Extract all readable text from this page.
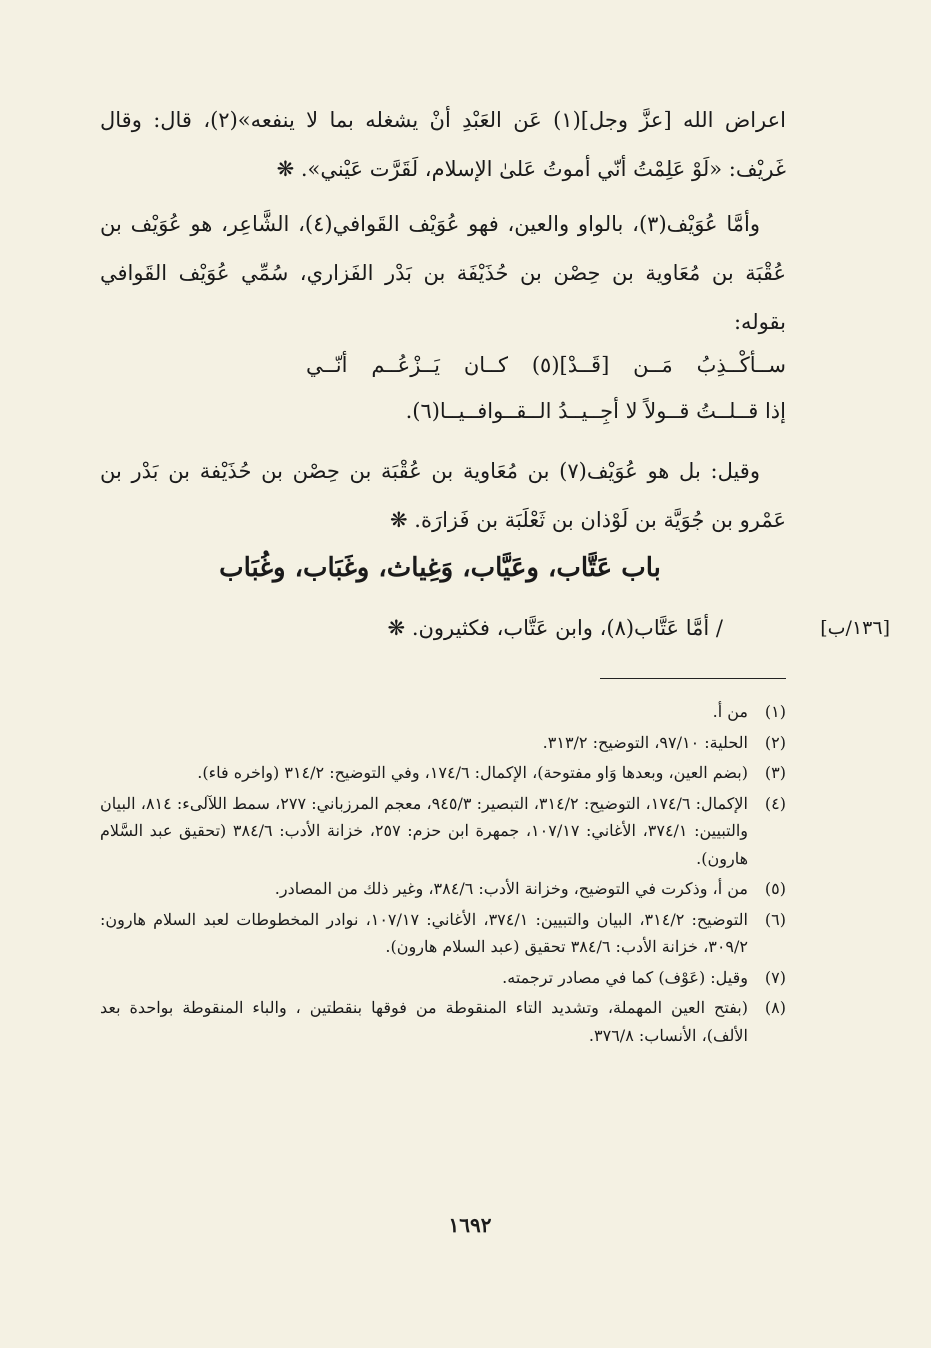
اعراض الله [عزَّ وجل](١) عَن العَبْدِ أنْ يشغله بما لا ينفعه»(٢)، قال: وقال غَريْف: «لَوْ عَلِمْتُ أنّي أموتُ عَلىٰ الإسلام، لَقَرَّت عَيْني». ❋

وأمَّا عُوَيْف(٣)، بالواو والعين، فهو عُوَيْف القَوافي(٤)، الشَّاعِر، هو عُوَيْف بن عُقْبَة بن مُعَاوية بن حِصْن بن حُذَيْفَة بن بَدْر الفَزاري، سُمِّي عُوَيْف القَوافي بقوله:

ســأكْــذِبُ مَــن [قَــدْ](٥) كــان يَــزْعُــم أنّــي
إذا قــلــتُ قــولاً لا أجِــيــدُ الــقــوافــيــا(٦).

وقيل: بل هو عُوَيْف(٧) بن مُعَاوية بن عُقْبَة بن حِصْن بن حُذَيْفة بن بَدْر بن عَمْرو بن جُوَيَّة بن لَوْذان بن ثَعْلَبَة بن فَزارَة. ❋

باب عَتَّاب، وعَيَّاب، وَغِياث، وغَبَاب، وغُبَاب
/ أمَّا عَتَّاب(٨)، وابن عَتَّاب، فكثيرون. ❋	[١٣٦/ب]
(١)
من أ.
(٢)
الحلية: ٩٧/١٠، التوضيح: ٣١٣/٢.
(٣)
(بضم العين، وبعدها وَاو مفتوحة)، الإكمال: ١٧٤/٦، وفي التوضيح: ٣١٤/٢ (واخره فاء).
(٤)
الإكمال: ١٧٤/٦، التوضيح: ٣١٤/٢، التبصير: ٩٤٥/٣، معجم المرزباني: ٢٧٧، سمط اللآلىء: ٨١٤، البيان والتبيين: ٣٧٤/١، الأغاني: ١٠٧/١٧، جمهرة ابن حزم: ٢٥٧، خزانة الأدب: ٣٨٤/٦ (تحقيق عبد السَّلام هارون).
(٥)
من أ، وذكرت في التوضيح، وخزانة الأدب: ٣٨٤/٦، وغير ذلك من المصادر.
(٦)
التوضيح: ٣١٤/٢، البيان والتبيين: ٣٧٤/١، الأغاني: ١٠٧/١٧، نوادر المخطوطات لعبد السلام هارون: ٣٠٩/٢، خزانة الأدب: ٣٨٤/٦ تحقيق (عبد السلام هارون).
(٧)
وقيل: (عَوْف) كما في مصادر ترجمته.
(٨)
(بفتح العين المهملة، وتشديد التاء المنقوطة من فوقها بنقطتين ، والباء المنقوطة بواحدة بعد الألف)، الأنساب: ٣٧٦/٨.
١٦٩٢
